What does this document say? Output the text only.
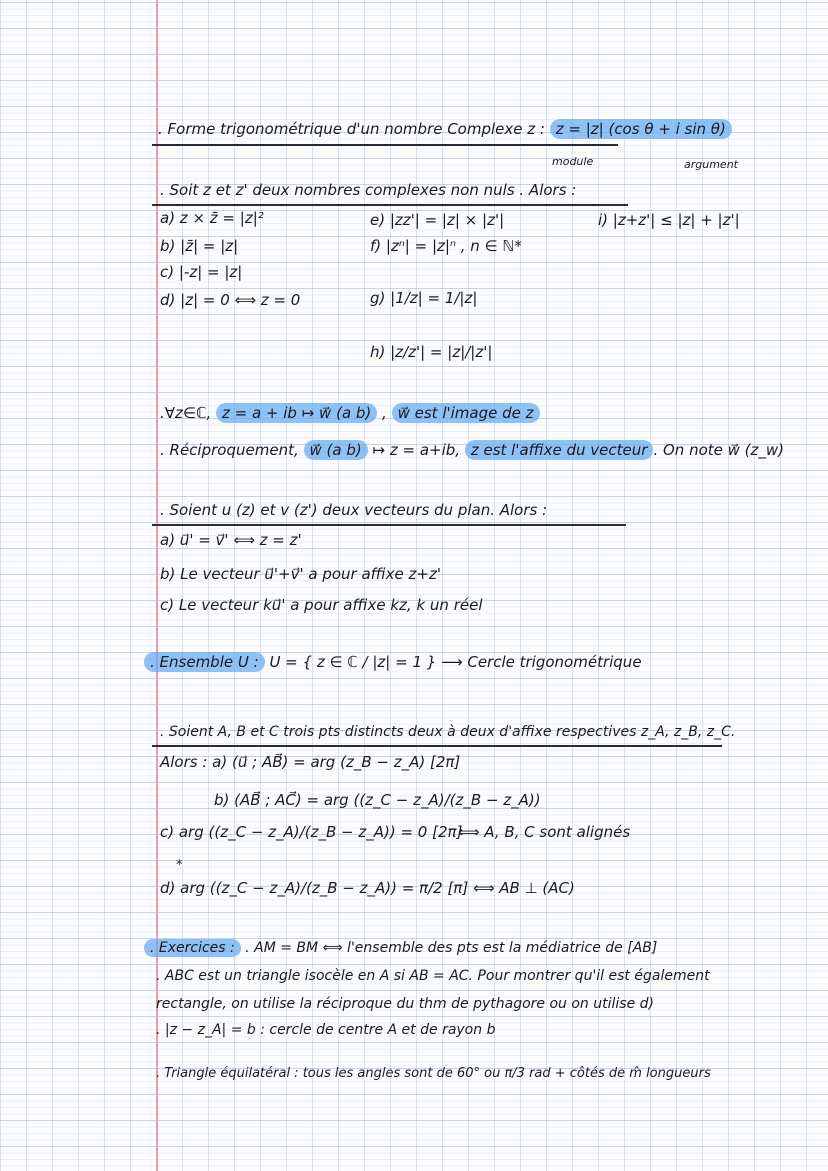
. Forme trigonométrique d'un nombre Complexe z : z = |z| (cos θ + i sin θ)
module	argument
. Soit z et z' deux nombres complexes non nuls . Alors :
a) z × z̄ = |z|²
b) |z̄| = |z|
c) |-z| = |z|
d) |z| = 0 ⟺ z = 0
e) |zz'| = |z| × |z'|
f) |zⁿ| = |z|ⁿ , n ∈ ℕ*
g) |1/z| = 1/|z|
h) |z/z'| = |z|/|z'|
i) |z+z'| ≤ |z| + |z'|
.∀z∈ℂ, z = a + ib ↦ w⃗ (a b) , w⃗ est l'image de z
. Réciproquement, w⃗ (a b) ↦ z = a+ib, z est l'affixe du vecteur . On note w⃗ (z_w)
. Soient u (z) et v (z') deux vecteurs du plan. Alors :
a) u⃗' = v⃗' ⟺ z = z'
b) Le vecteur u⃗'+v⃗' a pour affixe z+z'
c) Le vecteur ku⃗' a pour affixe kz, k un réel
. Ensemble U : U = { z ∈ ℂ / |z| = 1 } ⟶ Cercle trigonométrique
. Soient A, B et C trois pts distincts deux à deux d'affixe respectives z_A, z_B, z_C.
Alors : a) (u⃗ ; AB⃗) = arg (z_B − z_A) [2π]
b) (AB⃗ ; AC⃗) = arg ((z_C − z_A)/(z_B − z_A))
c) arg ((z_C − z_A)/(z_B − z_A)) = 0 [2π]
⟺ A, B, C sont alignés
*
d) arg ((z_C − z_A)/(z_B − z_A)) = π/2 [π] ⟺ AB ⊥ (AC)
. Exercices : . AM = BM ⟺ l'ensemble des pts est la médiatrice de [AB]
. ABC est un triangle isocèle en A si AB = AC. Pour montrer qu'il est également
rectangle, on utilise la réciproque du thm de pythagore ou on utilise d)
. |z − z_A| = b : cercle de centre A et de rayon b
. Triangle équilatéral : tous les angles sont de 60° ou π/3 rad + côtés de m̂ longueurs
